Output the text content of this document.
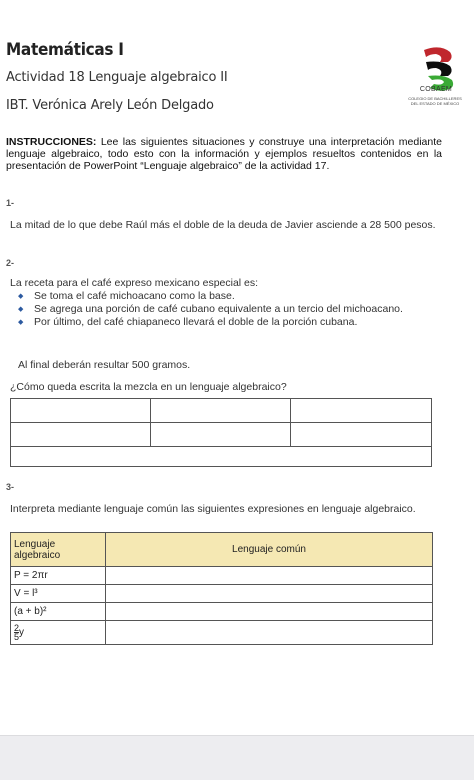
Matemáticas I
Actividad 18 Lenguaje algebraico II
IBT. Verónica Arely León Delgado
COBAEM
COLEGIO DE BACHILLERES
DEL ESTADO DE MÉXICO
INSTRUCCIONES: Lee las siguientes situaciones y construye una interpretación mediante lenguaje algebraico, todo esto con la información y ejemplos resueltos contenidos en la presentación de PowerPoint “Lenguaje algebraico” de la actividad 17.
1-
La mitad de lo que debe Raúl más el doble de la deuda de Javier asciende a 28 500 pesos.
2-
La receta para el café expreso mexicano especial es:
◆ Se toma el café michoacano como la base.
◆ Se agrega una porción de café cubano equivalente a un tercio del michoacano.
◆ Por último, del café chiapaneco llevará el doble de la porción cubana.
Al final deberán resultar 500 gramos.
¿Cómo queda escrita la mezcla en un lenguaje algebraico?

3-
Interpreta mediante lenguaje común las siguientes expresiones en lenguaje algebraico.
Lenguaje algebraico	Lenguaje común
P = 2πr	
V = l³	
(a + b)²	

$\frac{2}{5}$ y	
